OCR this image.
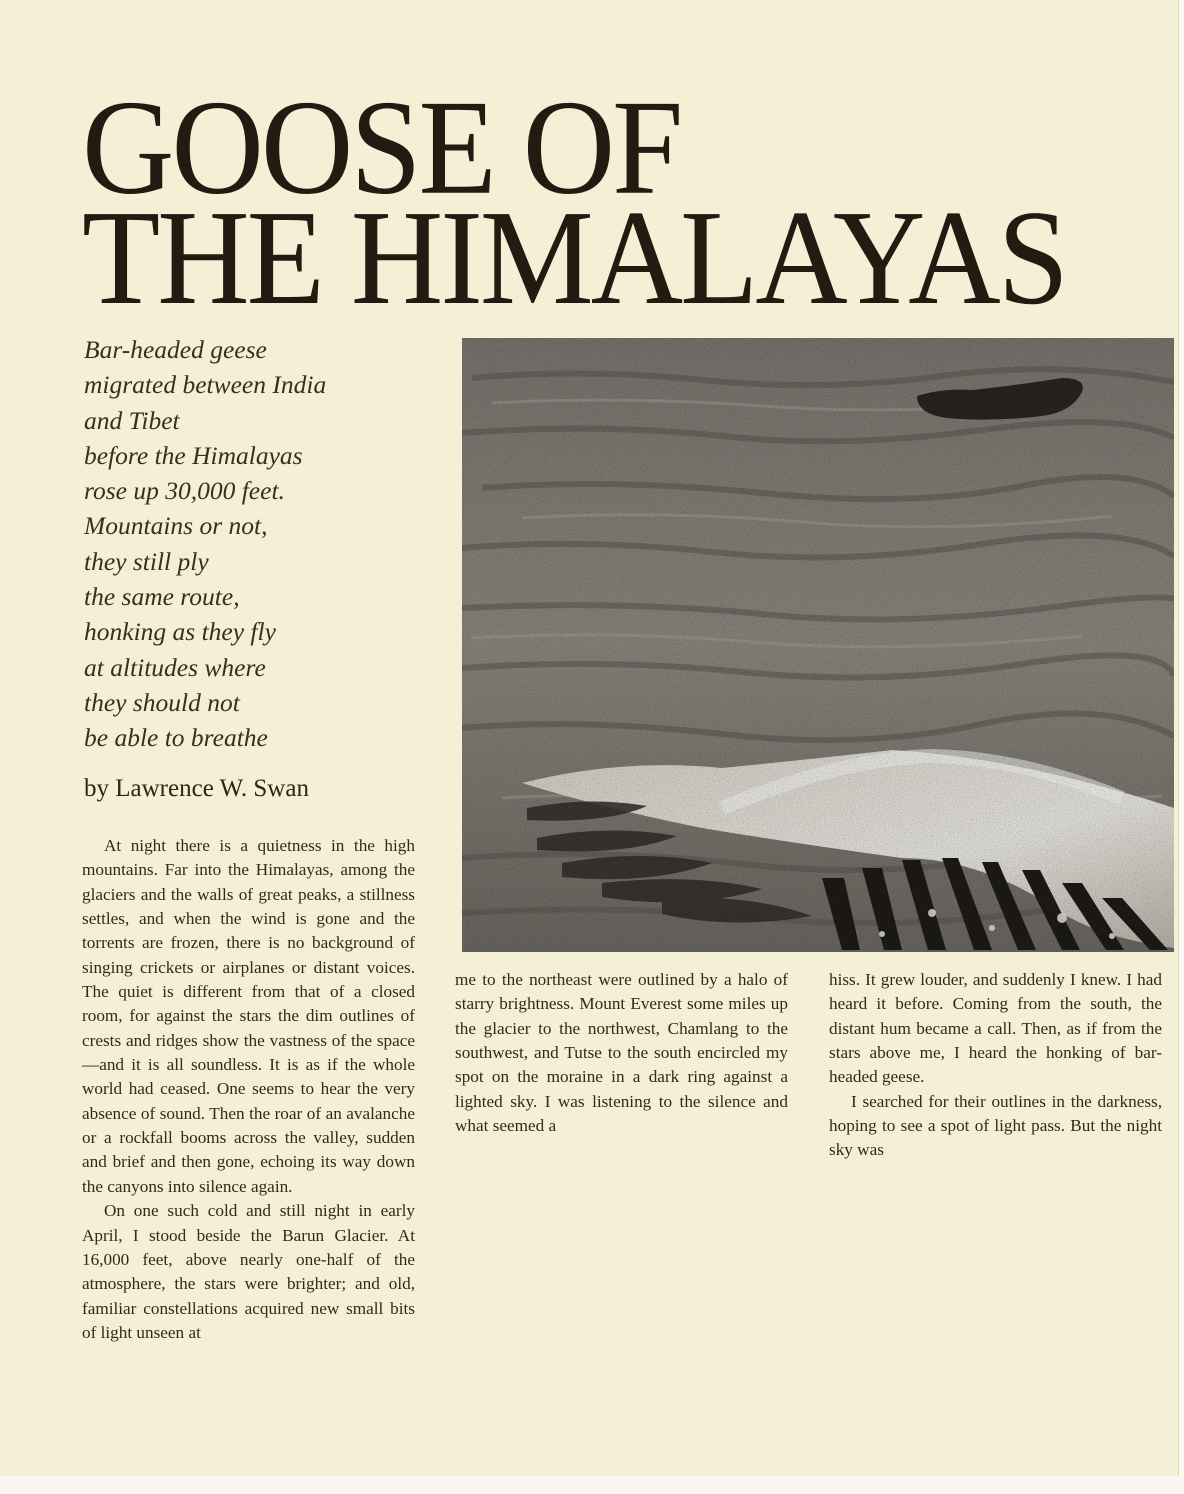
GOOSE OF
THE HIMALAYAS
Bar-headed geese
migrated between India
and Tibet
before the Himalayas
rose up 30,000 feet.
Mountains or not,
they still ply
the same route,
honking as they fly
at altitudes where
they should not
be able to breathe
by Lawrence W. Swan

At night there is a quietness in the high mountains. Far into the Himalayas, among the glaciers and the walls of great peaks, a stillness settles, and when the wind is gone and the torrents are frozen, there is no background of singing crickets or airplanes or distant voices. The quiet is different from that of a closed room, for against the stars the dim outlines of crests and ridges show the vastness of the space—and it is all soundless. It is as if the whole world had ceased. One seems to hear the very absence of sound. Then the roar of an avalanche or a rockfall booms across the valley, sudden and brief and then gone, echoing its way down the canyons into silence again.

On one such cold and still night in early April, I stood beside the Barun Glacier. At 16,000 feet, above nearly one-half of the atmosphere, the stars were brighter; and old, familiar constellations acquired new small bits of light unseen at

me to the northeast were outlined by a halo of starry brightness. Mount Everest some miles up the glacier to the northwest, Chamlang to the southwest, and Tutse to the south encircled my spot on the moraine in a dark ring against a lighted sky. I was listening to the silence and what seemed a

hiss. It grew louder, and suddenly I knew. I had heard it before. Coming from the south, the distant hum became a call. Then, as if from the stars above me, I heard the honking of bar-headed geese.

I searched for their outlines in the darkness, hoping to see a spot of light pass. But the night sky was
